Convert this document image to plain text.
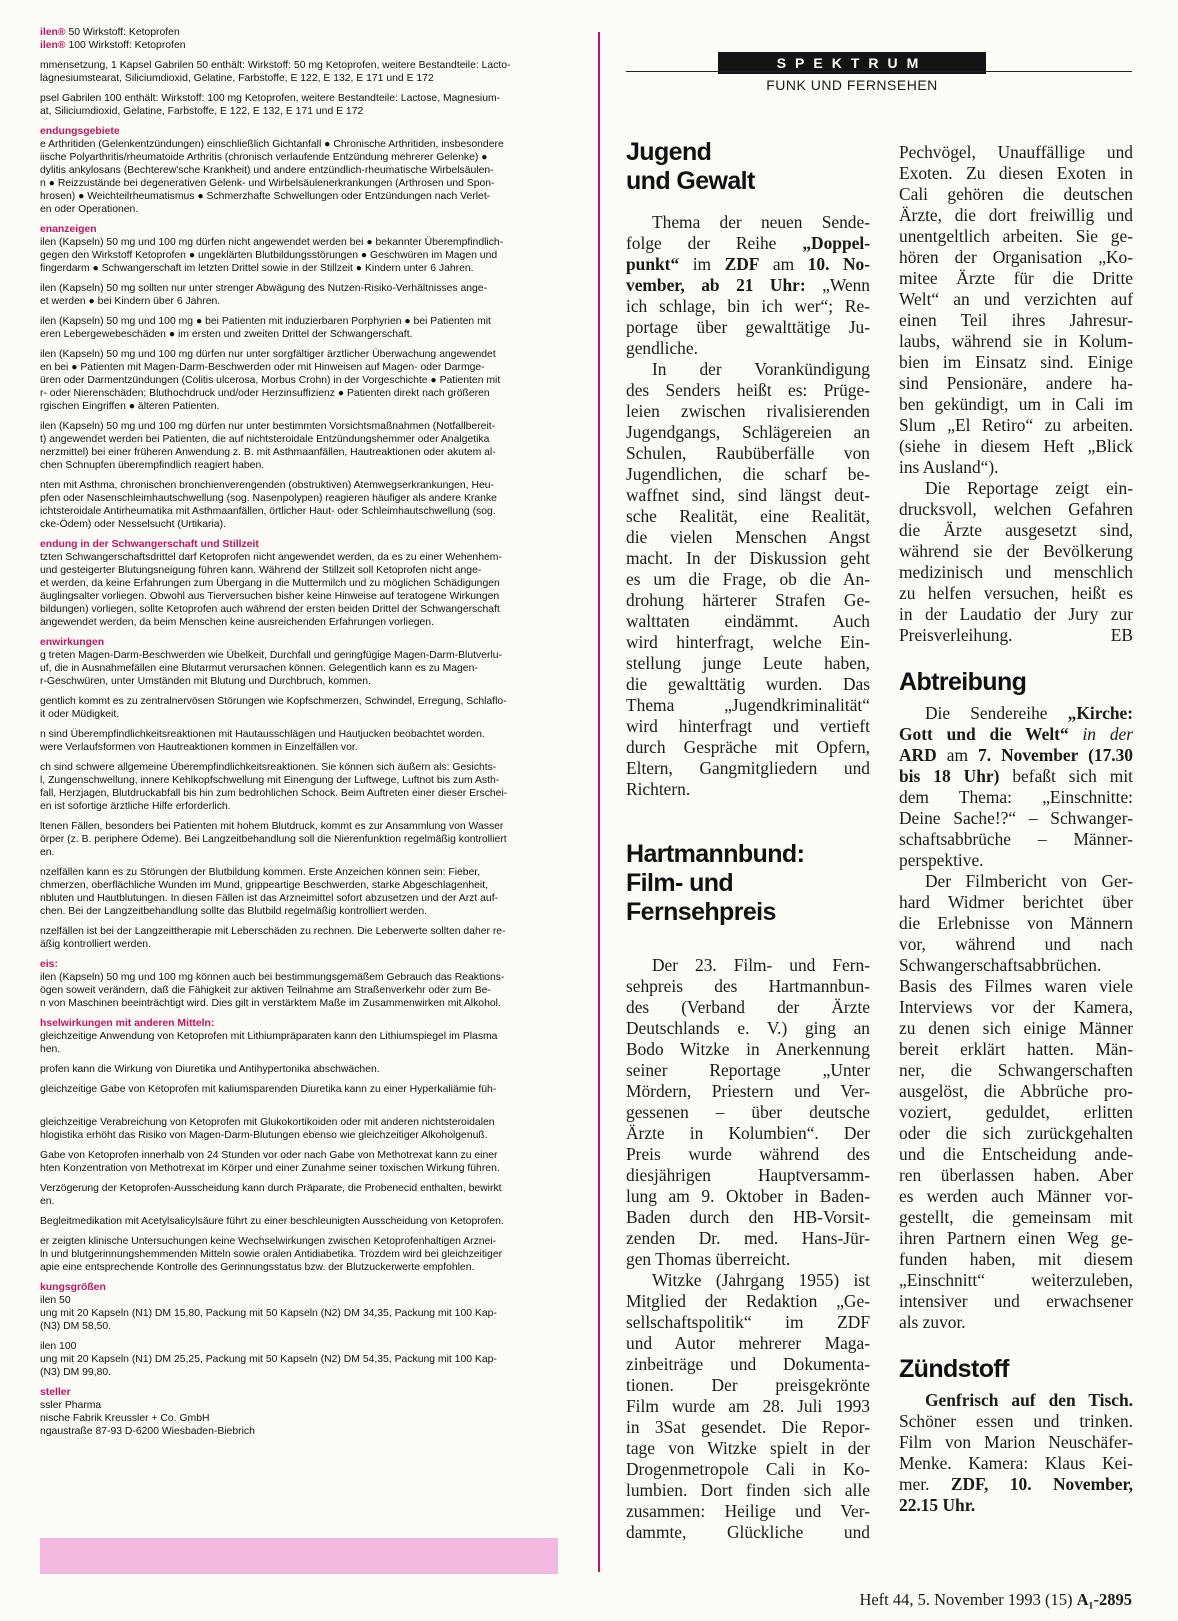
ilen® 50 Wirkstoff: Ketoprofen
ilen® 100 Wirkstoff: Ketoprofen
mmensetzung, 1 Kapsel Gabrilen 50 enthält: Wirkstoff: 50 mg Ketoprofen, weitere Bestandteile: Lacto-
lagnesiumstearat, Siliciumdioxid, Gelatine, Farbstoffe, E 122, E 132, E 171 und E 172
psel Gabrilen 100 enthält: Wirkstoff: 100 mg Ketoprofen, weitere Bestandteile: Lactose, Magnesium-
at, Siliciumdioxid, Gelatine, Farbstoffe, E 122, E 132, E 171 und E 172
endungsgebiete
e Arthritiden (Gelenkentzündungen) einschließlich Gichtanfall ● Chronische Arthritiden, insbesondere
iische Polyarthritis/rheumatoide Arthritis (chronisch verlaufende Entzündung mehrerer Gelenke) ●
dylitis ankylosans (Bechterew'sche Krankheit) und andere entzündlich-rheumatische Wirbelsäulen-
n ● Reizzustände bei degenerativen Gelenk- und Wirbelsäulenerkrankungen (Arthrosen und Spon-
hrosen) ● Weichteilrheumatismus ● Schmerzhafte Schwellungen oder Entzündungen nach Verlet-
en oder Operationen.
enanzeigen
ilen (Kapseln) 50 mg und 100 mg dürfen nicht angewendet werden bei ● bekannter Überempfindlich-
gegen den Wirkstoff Ketoprofen ● ungeklärten Blutbildungsstörungen ● Geschwüren im Magen und
fingerdarm ● Schwangerschaft im letzten Drittel sowie in der Stillzeit ● Kindern unter 6 Jahren.
ilen (Kapseln) 50 mg sollten nur unter strenger Abwägung des Nutzen-Risiko-Verhältnisses ange-
et werden ● bei Kindern über 6 Jahren.
ilen (Kapseln) 50 mg und 100 mg ● bei Patienten mit induzierbaren Porphyrien ● bei Patienten mit
eren Lebergewebeschäden ● im ersten und zweiten Drittel der Schwangerschaft.
ilen (Kapseln) 50 mg und 100 mg dürfen nur unter sorgfältiger ärztlicher Überwachung angewendet
en bei ● Patienten mit Magen-Darm-Beschwerden oder mit Hinweisen auf Magen- oder Darmge-
üren oder Darmentzündungen (Colitis ulcerosa, Morbus Crohn) in der Vorgeschichte ● Patienten mit
r- oder Nierenschäden; Bluthochdruck und/oder Herzinsuffizienz ● Patienten direkt nach größeren
rgischen Eingriffen ● älteren Patienten.
ilen (Kapseln) 50 mg und 100 mg dürfen nur unter bestimmten Vorsichtsmaßnahmen (Notfallbereit-
t) angewendet werden bei Patienten, die auf nichtsteroidale Entzündungshemmer oder Analgetika
nerzmittel) bei einer früheren Anwendung z. B. mit Asthmaanfällen, Hautreaktionen oder akutem al-
chen Schnupfen überempfindlich reagiert haben.
nten mit Asthma, chronischen bronchienverengenden (obstruktiven) Atemwegserkrankungen, Heu-
pfen oder Nasenschleimhautschwellung (sog. Nasenpolypen) reagieren häufiger als andere Kranke
ichtsteroidale Antirheumatika mit Asthmaanfällen, örtlicher Haut- oder Schleimhautschwellung (sog.
cke-Ödem) oder Nesselsucht (Urtikaria).
endung in der Schwangerschaft und Stillzeit
tzten Schwangerschaftsdrittel darf Ketoprofen nicht angewendet werden, da es zu einer Wehenhem-
und gesteigerter Blutungsneigung führen kann. Während der Stillzeit soll Ketoprofen nicht ange-
et werden, da keine Erfahrungen zum Übergang in die Muttermilch und zu möglichen Schädigungen
äuglingsalter vorliegen. Obwohl aus Tierversuchen bisher keine Hinweise auf teratogene Wirkungen
bildungen) vorliegen, sollte Ketoprofen auch während der ersten beiden Drittel der Schwangerschaft
angewendet werden, da beim Menschen keine ausreichenden Erfahrungen vorliegen.
enwirkungen
g treten Magen-Darm-Beschwerden wie Übelkeit, Durchfall und geringfügige Magen-Darm-Blutverlu-
uf, die in Ausnahmefällen eine Blutarmut verursachen können. Gelegentlich kann es zu Magen-
r-Geschwüren, unter Umständen mit Blutung und Durchbruch, kommen.
gentlich kommt es zu zentralnervösen Störungen wie Kopfschmerzen, Schwindel, Erregung, Schlaflo-
it oder Müdigkeit.
n sind Überempfindlichkeitsreaktionen mit Hautausschlägen und Hautjucken beobachtet worden.
were Verlaufsformen von Hautreaktionen kommen in Einzelfällen vor.
ch sind schwere allgemeine Überempfindlichkeitsreaktionen. Sie können sich äußern als: Gesichts-
l, Zungenschwellung, innere Kehlkopfschwellung mit Einengung der Luftwege, Luftnot bis zum Asth-
fall, Herzjagen, Blutdruckabfall bis hin zum bedrohlichen Schock. Beim Auftreten einer dieser Erschei-
en ist sofortige ärztliche Hilfe erforderlich.
ltenen Fällen, besonders bei Patienten mit hohem Blutdruck, kommt es zur Ansammlung von Wasser
örper (z. B. periphere Ödeme). Bei Langzeitbehandlung soll die Nierenfunktion regelmäßig kontrolliert
en.
nzelfällen kann es zu Störungen der Blutbildung kommen. Erste Anzeichen können sein: Fieber,
chmerzen, oberflächliche Wunden im Mund, grippeartige Beschwerden, starke Abgeschlagenheit,
nbluten und Hautblutungen. In diesen Fällen ist das Arzneimittel sofort abzusetzen und der Arzt auf-
chen. Bei der Langzeitbehandlung sollte das Blutbild regelmäßig kontrolliert werden.
nzelfällen ist bei der Langzeittherapie mit Leberschäden zu rechnen. Die Leberwerte sollten daher re-
äßig kontrolliert werden.
eis:
ilen (Kapseln) 50 mg und 100 mg können auch bei bestimmungsgemäßem Gebrauch das Reaktions-
ögen soweit verändern, daß die Fähigkeit zur aktiven Teilnahme am Straßenverkehr oder zum Be-
n von Maschinen beeinträchtigt wird. Dies gilt in verstärktem Maße im Zusammenwirken mit Alkohol.
hselwirkungen mit anderen Mitteln:
gleichzeitige Anwendung von Ketoprofen mit Lithiumpräparaten kann den Lithiumspiegel im Plasma
hen.
profen kann die Wirkung von Diuretika und Antihypertonika abschwächen.
gleichzeitige Gabe von Ketoprofen mit kaliumsparenden Diuretika kann zu einer Hyperkaliämie füh-

gleichzeitige Verabreichung von Ketoprofen mit Glukokortikoiden oder mit anderen nichtsteroidalen
hlogistika erhöht das Risiko von Magen-Darm-Blutungen ebenso wie gleichzeitiger Alkoholgenuß.
Gabe von Ketoprofen innerhalb von 24 Stunden vor oder nach Gabe von Methotrexat kann zu einer
hten Konzentration von Methotrexat im Körper und einer Zunahme seiner toxischen Wirkung führen.
Verzögerung der Ketoprofen-Ausscheidung kann durch Präparate, die Probenecid enthalten, bewirkt
en.
Begleitmedikation mit Acetylsalicylsäure führt zu einer beschleunigten Ausscheidung von Ketoprofen.
er zeigten klinische Untersuchungen keine Wechselwirkungen zwischen Ketoprofenhaltigen Arznei-
ln und blutgerinnungshemmenden Mitteln sowie oralen Antidiabetika. Trozdem wird bei gleichzeitiger
apie eine entsprechende Kontrolle des Gerinnungsstatus bzw. der Blutzuckerwerte empfohlen.
kungsgrößen
ilen 50
ung mit 20 Kapseln (N1) DM 15,80, Packung mit 50 Kapseln (N2) DM 34,35, Packung mit 100 Kap-
(N3) DM 58,50.
ilen 100
ung mit 20 Kapseln (N1) DM 25,25, Packung mit 50 Kapseln (N2) DM 54,35, Packung mit 100 Kap-
(N3) DM 99,80.
steller
ssler Pharma
nische Fabrik Kreussler + Co. GmbH
ngaustraße 87-93 D-6200 Wiesbaden-Biebrich
SPEKTRUM
FUNK UND FERNSEHEN
Jugend
und Gewalt
Thema der neuen Sende-
folge der Reihe „Doppel-
punkt“ im ZDF am 10. No-
vember, ab 21 Uhr: „Wenn
ich schlage, bin ich wer“; Re-
portage über gewalttätige Ju-
gendliche.
In der Vorankündigung
des Senders heißt es: Prüge-
leien zwischen rivalisierenden
Jugendgangs, Schlägereien an
Schulen, Raubüberfälle von
Jugendlichen, die scharf be-
waffnet sind, sind längst deut-
sche Realität, eine Realität,
die vielen Menschen Angst
macht. In der Diskussion geht
es um die Frage, ob die An-
drohung härterer Strafen Ge-
walttaten eindämmt. Auch
wird hinterfragt, welche Ein-
stellung junge Leute haben,
die gewalttätig wurden. Das
Thema „Jugendkriminalität“
wird hinterfragt und vertieft
durch Gespräche mit Opfern,
Eltern, Gangmitgliedern und
Richtern.
Hartmannbund:
Film- und
Fernsehpreis
Der 23. Film- und Fern-
sehpreis des Hartmannbun-
des (Verband der Ärzte
Deutschlands e. V.) ging an
Bodo Witzke in Anerkennung
seiner Reportage „Unter
Mördern, Priestern und Ver-
gessenen – über deutsche
Ärzte in Kolumbien“. Der
Preis wurde während des
diesjährigen Hauptversamm-
lung am 9. Oktober in Baden-
Baden durch den HB-Vorsit-
zenden Dr. med. Hans-Jür-
gen Thomas überreicht.
Witzke (Jahrgang 1955) ist
Mitglied der Redaktion „Ge-
sellschaftspolitik“ im ZDF
und Autor mehrerer Maga-
zinbeiträge und Dokumenta-
tionen. Der preisgekrönte
Film wurde am 28. Juli 1993
in 3Sat gesendet. Die Repor-
tage von Witzke spielt in der
Drogenmetropole Cali in Ko-
lumbien. Dort finden sich alle
zusammen: Heilige und Ver-
dammte, Glückliche und
Pechvögel, Unauffällige und
Exoten. Zu diesen Exoten in
Cali gehören die deutschen
Ärzte, die dort freiwillig und
unentgeltlich arbeiten. Sie ge-
hören der Organisation „Ko-
mitee Ärzte für die Dritte
Welt“ an und verzichten auf
einen Teil ihres Jahresur-
laubs, während sie in Kolum-
bien im Einsatz sind. Einige
sind Pensionäre, andere ha-
ben gekündigt, um in Cali im
Slum „El Retiro“ zu arbeiten.
(siehe in diesem Heft „Blick
ins Ausland“).
Die Reportage zeigt ein-
drucksvoll, welchen Gefahren
die Ärzte ausgesetzt sind,
während sie der Bevölkerung
medizinisch und menschlich
zu helfen versuchen, heißt es
in der Laudatio der Jury zur
Preisverleihung. EB
Abtreibung
Die Sendereihe „Kirche:
Gott und die Welt“ in der
ARD am 7. November (17.30
bis 18 Uhr) befaßt sich mit
dem Thema: „Einschnitte:
Deine Sache!?“ – Schwanger-
schaftsabbrüche – Männer-
perspektive.
Der Filmbericht von Ger-
hard Widmer berichtet über
die Erlebnisse von Männern
vor, während und nach
Schwangerschaftsabbrüchen.
Basis des Filmes waren viele
Interviews vor der Kamera,
zu denen sich einige Männer
bereit erklärt hatten. Män-
ner, die Schwangerschaften
ausgelöst, die Abbrüche pro-
voziert, geduldet, erlitten
oder die sich zurückgehalten
und die Entscheidung ande-
ren überlassen haben. Aber
es werden auch Männer vor-
gestellt, die gemeinsam mit
ihren Partnern einen Weg ge-
funden haben, mit diesem
„Einschnitt“ weiterzuleben,
intensiver und erwachsener
als zuvor.
Zündstoff
Genfrisch auf den Tisch.
Schöner essen und trinken.
Film von Marion Neuschäfer-
Menke. Kamera: Klaus Kei-
mer. ZDF, 10. November,
22.15 Uhr.
Heft 44, 5. November 1993 (15) A₁-2895
